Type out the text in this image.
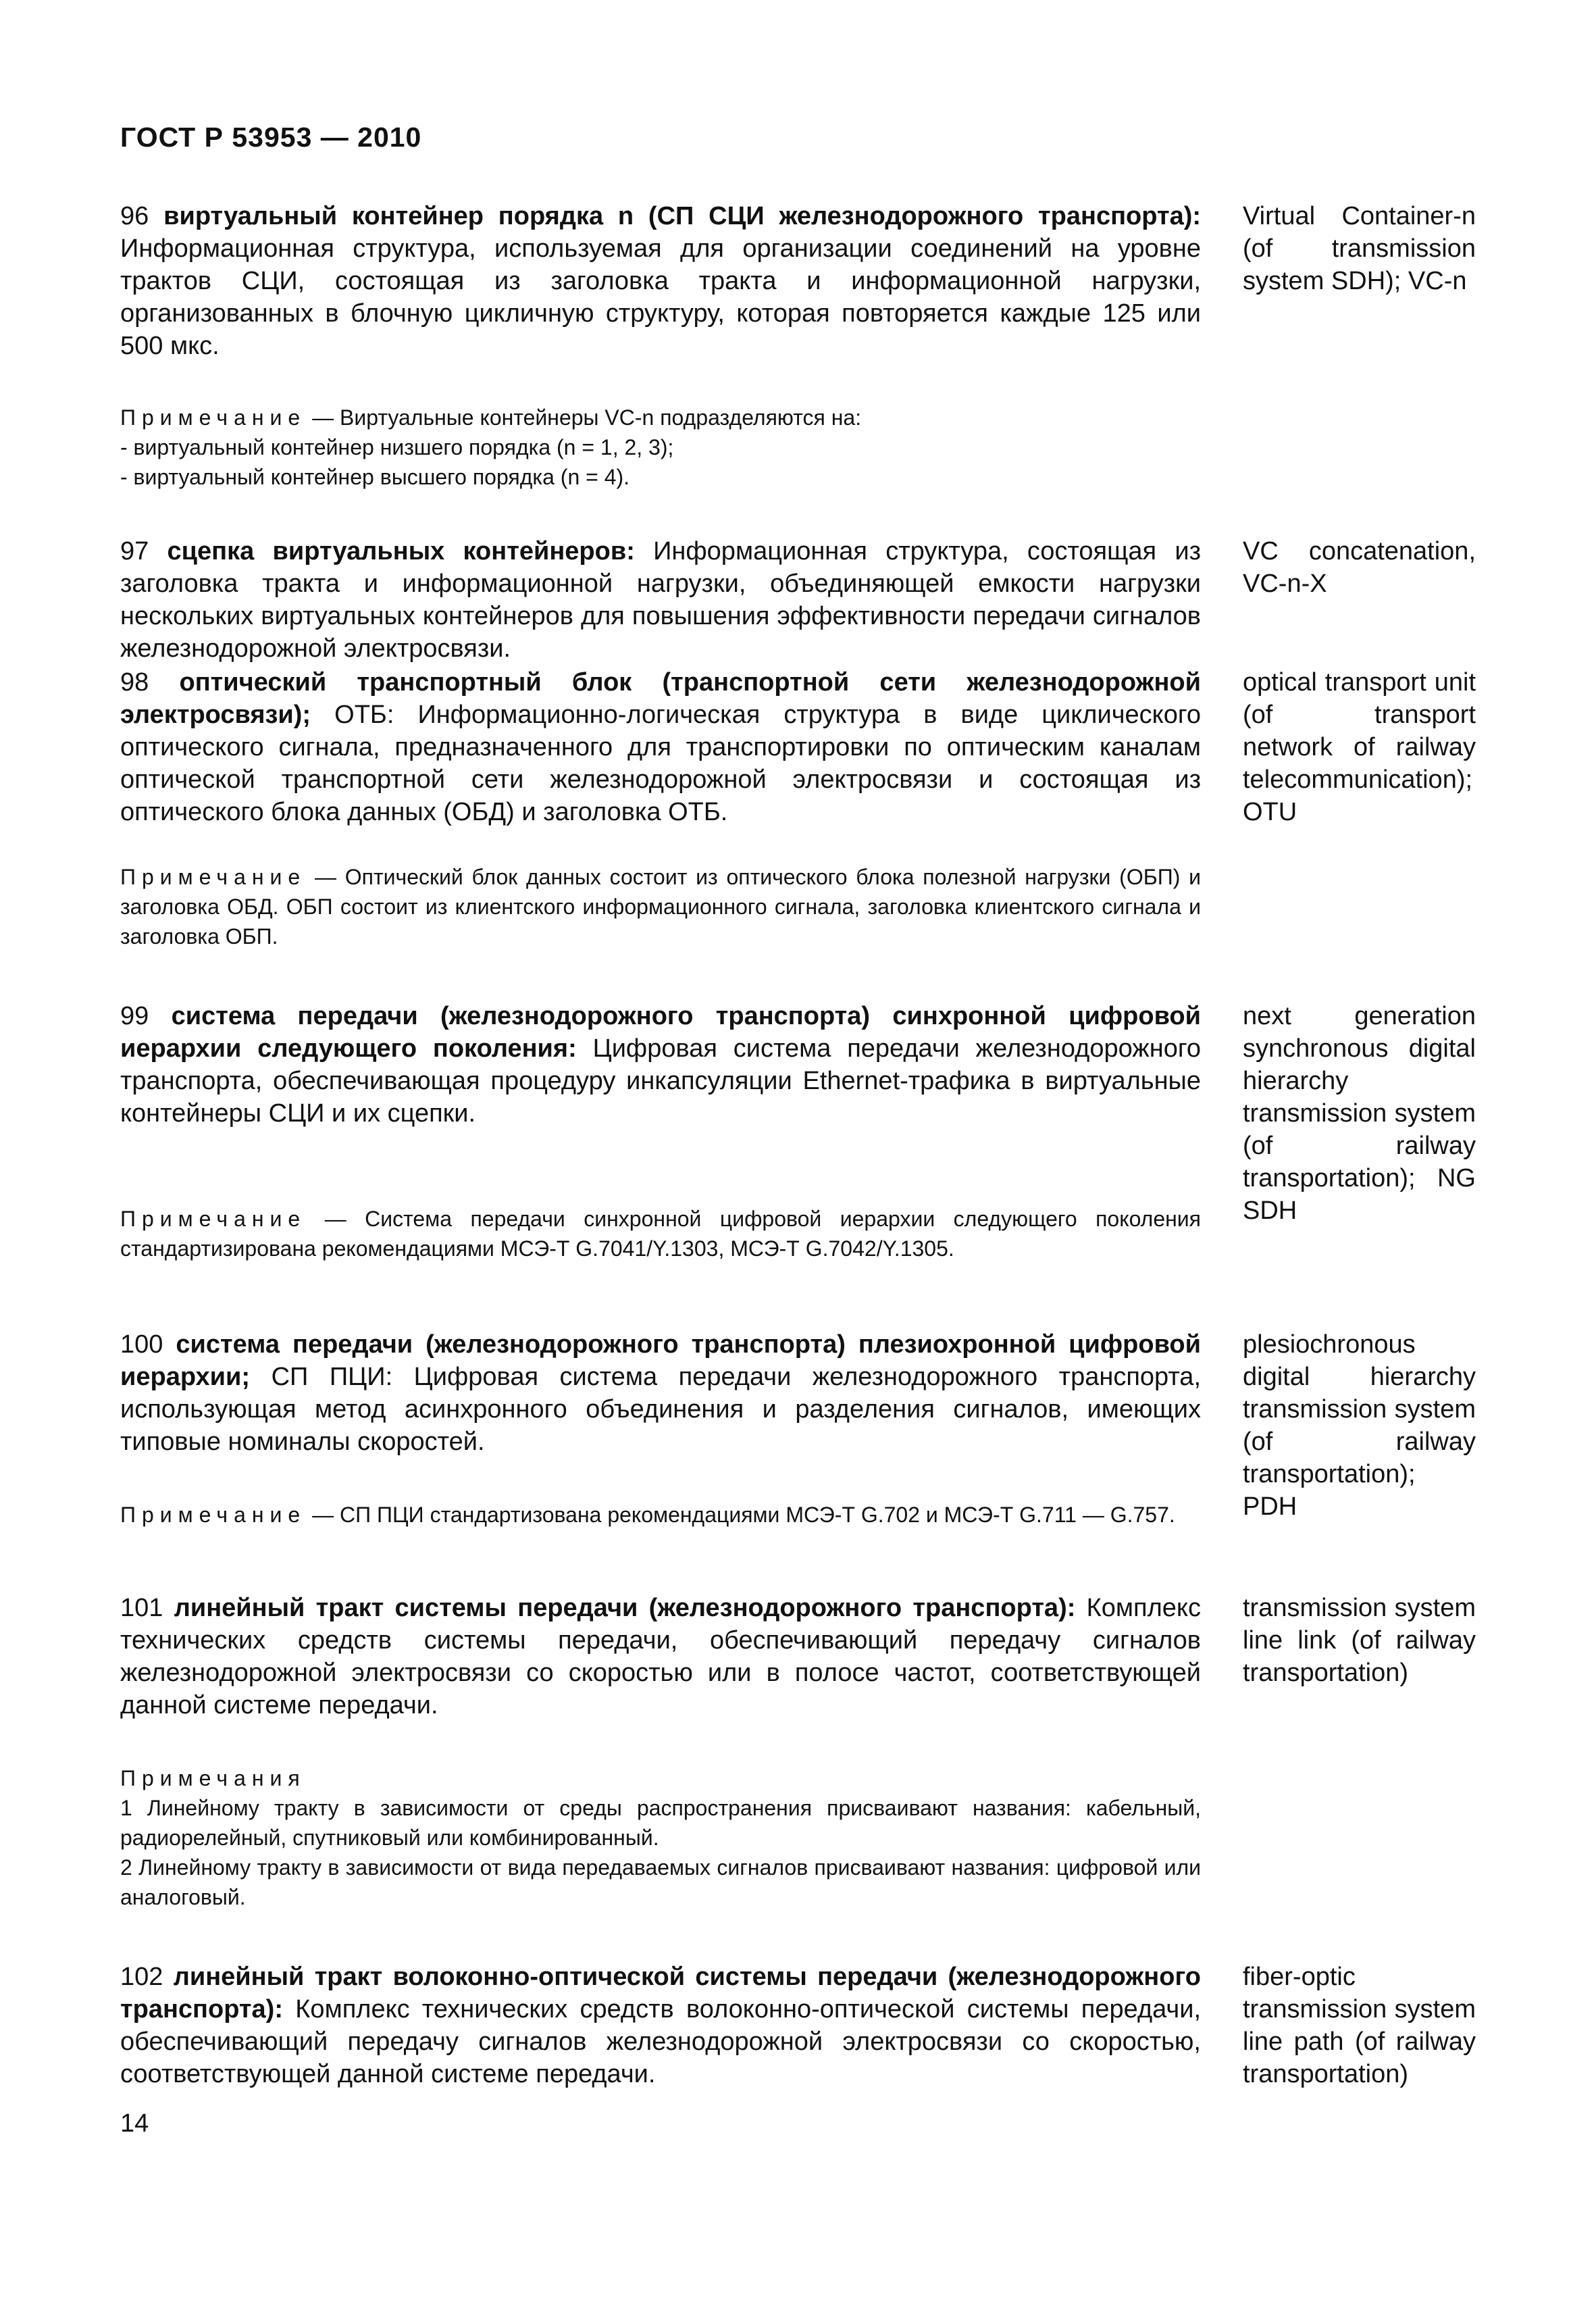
ГОСТ Р 53953 — 2010
96 виртуальный контейнер порядка n (СП СЦИ железнодорожного транспорта): Информационная структура, используемая для организации соединений на уровне трактов СЦИ, состоящая из заголовка тракта и информационной нагрузки, организованных в блочную цикличную структуру, которая повторяется каждые 125 или 500 мкс.
Virtual Container-n (of transmission system SDH); VC-n

Примечание — Виртуальные контейнеры VC-n подразделяются на:

- виртуальный контейнер низшего порядка (n = 1, 2, 3);

- виртуальный контейнер высшего порядка (n = 4).

97 сцепка виртуальных контейнеров: Информационная структура, состоящая из заголовка тракта и информационной нагрузки, объединяющей емкости нагрузки нескольких виртуальных контейнеров для повышения эффективности передачи сигналов железнодорожной электросвязи.
VC concatenation, VC-n-X
98 оптический транспортный блок (транспортной сети железнодорожной электросвязи); ОТБ: Информационно-логическая структура в виде циклического оптического сигнала, предназначенного для транспортировки по оптическим каналам оптической транспортной сети железнодорожной электросвязи и состоящая из оптического блока данных (ОБД) и заголовка ОТБ.
optical transport unit (of transport network of railway telecommunication); OTU

Примечание — Оптический блок данных состоит из оптического блока полезной нагрузки (ОБП) и заголовка ОБД. ОБП состоит из клиентского информационного сигнала, заголовка клиентского сигнала и заголовка ОБП.

99 система передачи (железнодорожного транспорта) синхронной цифровой иерархии следующего поколения: Цифровая система передачи железнодорожного транспорта, обеспечивающая процедуру инкапсуляции Ethernet-трафика в виртуальные контейнеры СЦИ и их сцепки.
next generation synchronous digital hierarchy transmission system (of railway transportation); NG SDH

Примечание — Система передачи синхронной цифровой иерархии следующего поколения стандартизирована рекомендациями МСЭ-Т G.7041/Y.1303, МСЭ-Т G.7042/Y.1305.

100 система передачи (железнодорожного транспорта) плезиохронной цифровой иерархии; СП ПЦИ: Цифровая система передачи железнодорожного транспорта, использующая метод асинхронного объединения и разделения сигналов, имеющих типовые номиналы скоростей.
plesiochronous digital hierarchy transmission system (of railway transportation); PDH

Примечание — СП ПЦИ стандартизована рекомендациями МСЭ-Т G.702 и МСЭ-Т G.711 — G.757.

101 линейный тракт системы передачи (железнодорожного транспорта): Комплекс технических средств системы передачи, обеспечивающий передачу сигналов железнодорожной электросвязи со скоростью или в полосе частот, соответствующей данной системе передачи.
transmission system line link (of railway transportation)

Примечания

1 Линейному тракту в зависимости от среды распространения присваивают названия: кабельный, радиорелейный, спутниковый или комбинированный.

2 Линейному тракту в зависимости от вида передаваемых сигналов присваивают названия: цифровой или аналоговый.

102 линейный тракт волоконно-оптической системы передачи (железнодорожного транспорта): Комплекс технических средств волоконно-оптической системы передачи, обеспечивающий передачу сигналов железнодорожной электросвязи со скоростью, соответствующей данной системе передачи.
fiber-optic transmission system line path (of railway transportation)
14
